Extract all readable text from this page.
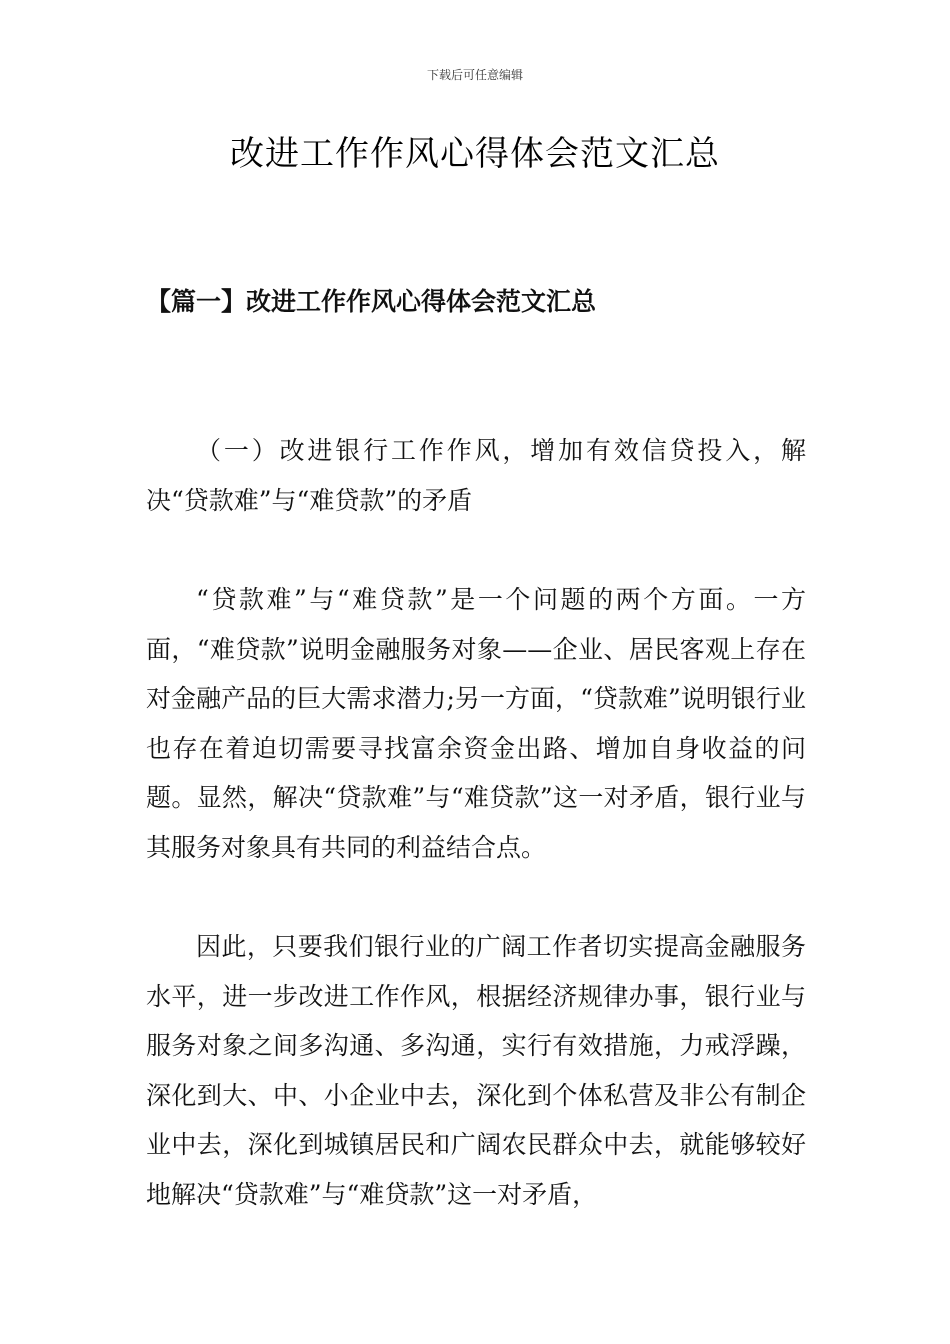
下载后可任意编辑
改进工作作风心得体会范文汇总
【篇一】改进工作作风心得体会范文汇总

（一）改进银行工作作风，增加有效信贷投入，解决“贷款难”与“难贷款”的矛盾

“贷款难”与“难贷款”是一个问题的两个方面。一方面，“难贷款”说明金融服务对象——企业、居民客观上存在对金融产品的巨大需求潜力;另一方面，“贷款难”说明银行业也存在着迫切需要寻找富余资金出路、增加自身收益的问题。显然，解决“贷款难”与“难贷款”这一对矛盾，银行业与其服务对象具有共同的利益结合点。

因此，只要我们银行业的广阔工作者切实提高金融服务水平，进一步改进工作作风，根据经济规律办事，银行业与服务对象之间多沟通、多沟通，实行有效措施，力戒浮躁，深化到大、中、小企业中去，深化到个体私营及非公有制企业中去，深化到城镇居民和广阔农民群众中去，就能够较好地解决“贷款难”与“难贷款”这一对矛盾，
